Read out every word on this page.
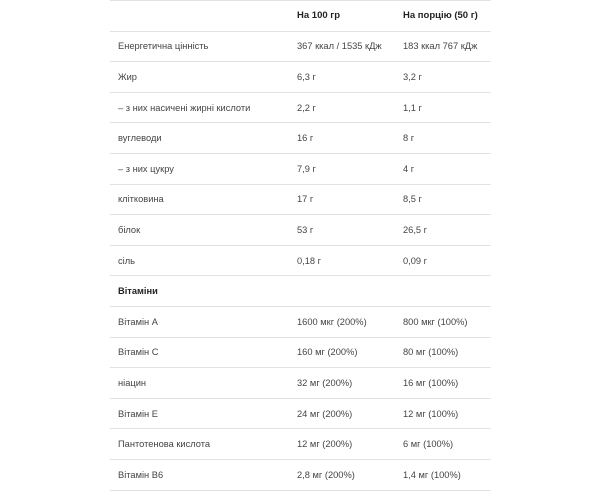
	На 100 гр	На порцію (50 г)
Енергетична цінність	367 ккал / 1535 кДж	183 ккал 767 кДж
Жир	6,3 г	3,2 г
– з них насичені жирні кислоти	2,2 г	1,1 г
вуглеводи	16 г	8 г
– з них цукру	7,9 г	4 г
клітковина	17 г	8,5 г
білок	53 г	26,5 г
сіль	0,18 г	0,09 г
Вітаміни		
Вітамін A	1600 мкг (200%)	800 мкг (100%)
Вітамін C	160 мг (200%)	80 мг (100%)
ніацин	32 мг (200%)	16 мг (100%)
Вітамін E	24 мг (200%)	12 мг (100%)
Пантотенова кислота	12 мг (200%)	6 мг (100%)
Вітамін B6	2,8 мг (200%)	1,4 мг (100%)
